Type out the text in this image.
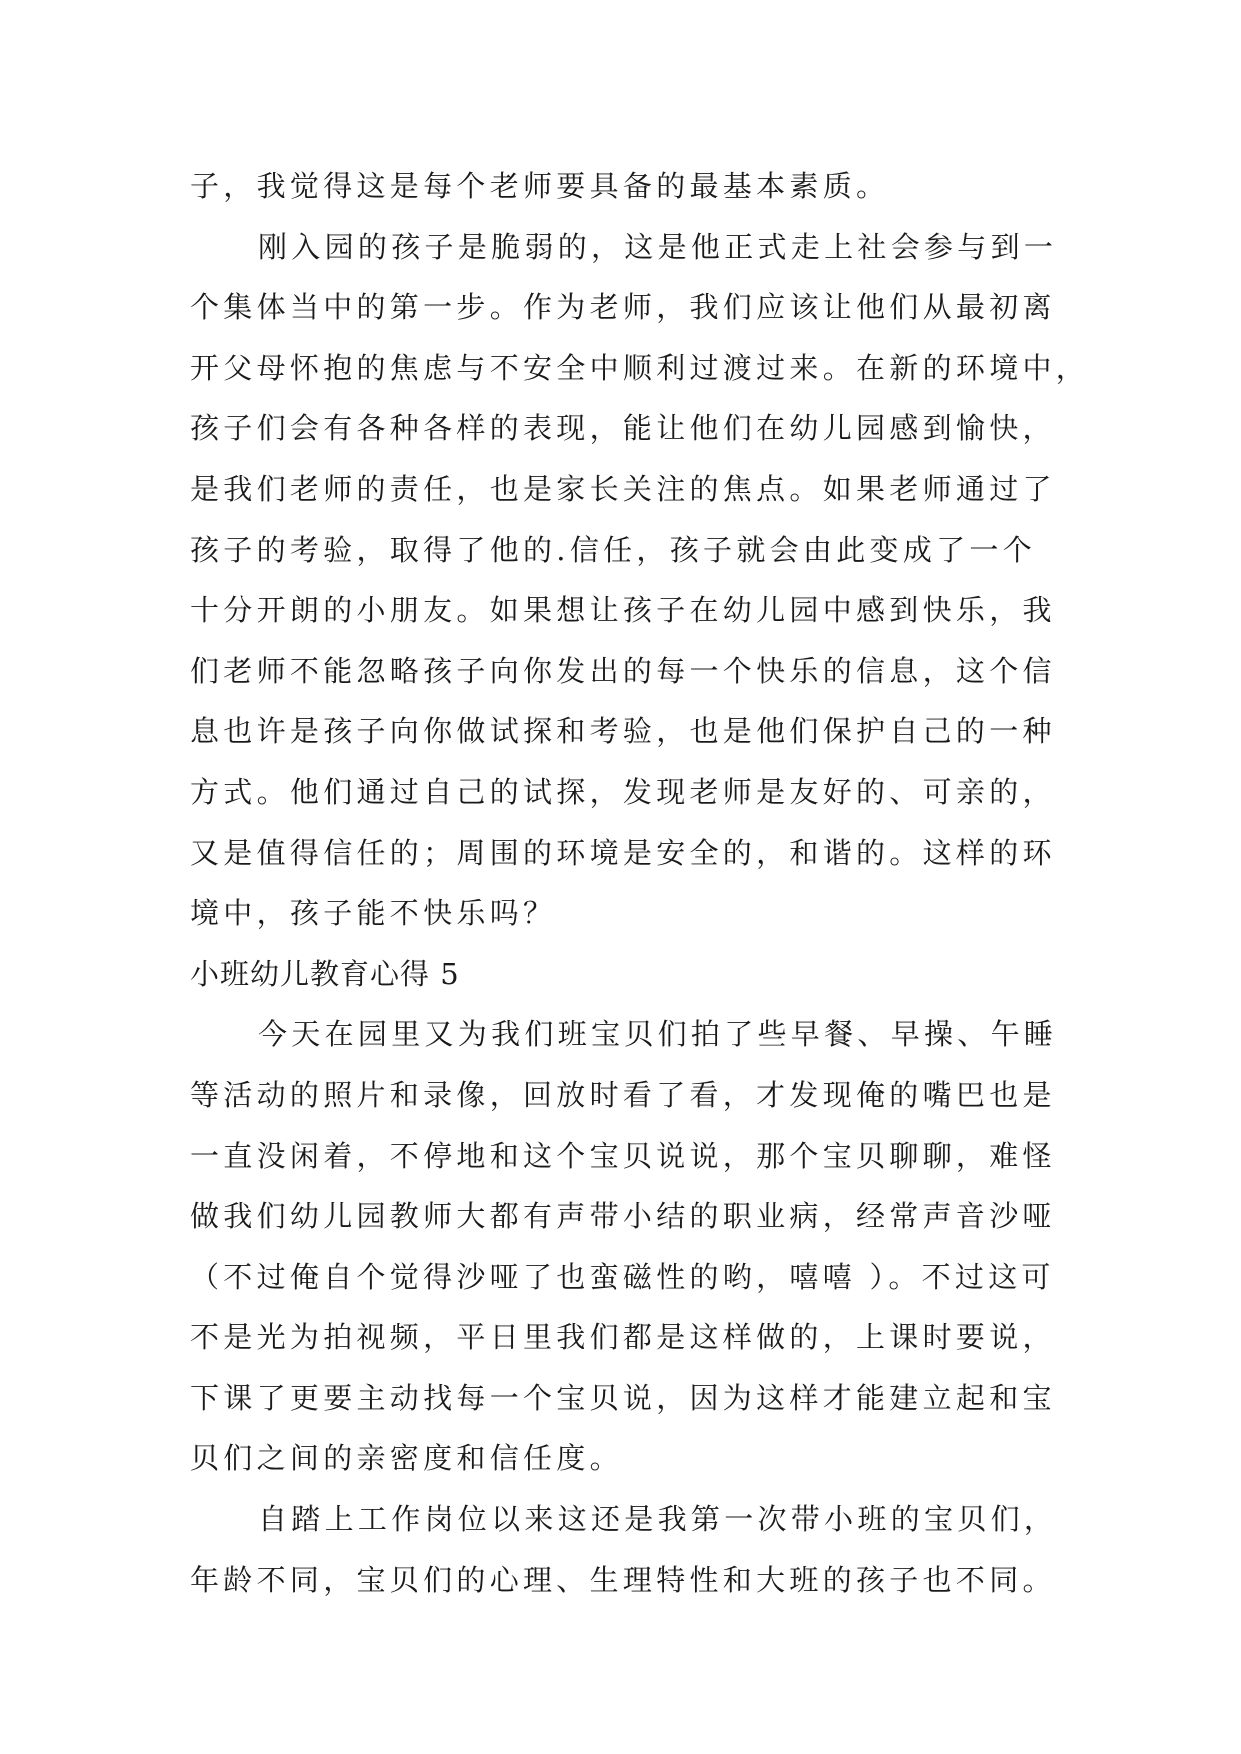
子，我觉得这是每个老师要具备的最基本素质。
刚入园的孩子是脆弱的，这是他正式走上社会参与到一
个集体当中的第一步。作为老师，我们应该让他们从最初离
开父母怀抱的焦虑与不安全中顺利过渡过来。在新的环境中，
孩子们会有各种各样的表现，能让他们在幼儿园感到愉快，
是我们老师的责任，也是家长关注的焦点。如果老师通过了
孩子的考验，取得了他的.信任，孩子就会由此变成了一个
十分开朗的小朋友。如果想让孩子在幼儿园中感到快乐，我
们老师不能忽略孩子向你发出的每一个快乐的信息，这个信
息也许是孩子向你做试探和考验，也是他们保护自己的一种
方式。他们通过自己的试探，发现老师是友好的、可亲的，
又是值得信任的；周围的环境是安全的，和谐的。这样的环
境中，孩子能不快乐吗？
小班幼儿教育心得 5
今天在园里又为我们班宝贝们拍了些早餐、早操、午睡
等活动的照片和录像，回放时看了看，才发现俺的嘴巴也是
一直没闲着，不停地和这个宝贝说说，那个宝贝聊聊，难怪
做我们幼儿园教师大都有声带小结的职业病，经常声音沙哑
（不过俺自个觉得沙哑了也蛮磁性的哟，嘻嘻 ）。不过这可
不是光为拍视频，平日里我们都是这样做的，上课时要说，
下课了更要主动找每一个宝贝说，因为这样才能建立起和宝
贝们之间的亲密度和信任度。
自踏上工作岗位以来这还是我第一次带小班的宝贝们，
年龄不同，宝贝们的心理、生理特性和大班的孩子也不同。
